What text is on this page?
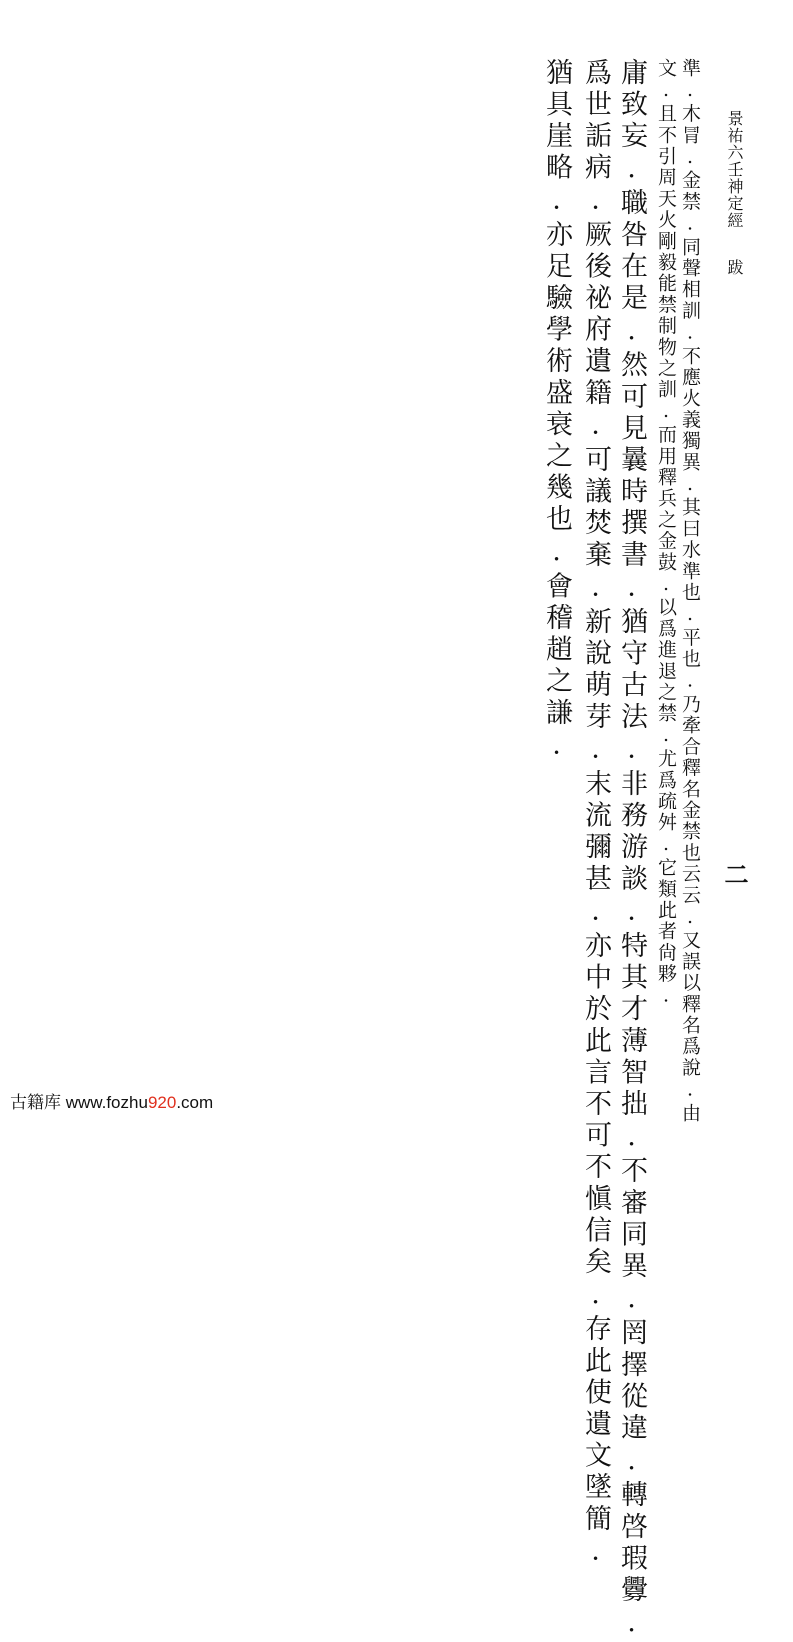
景祐六壬神定經跋
二
準.木冐.金禁.同聲相訓.不應火義獨異.其曰水準也.平也.乃牽合釋名金禁也云云.又誤以釋名爲說.由
文.且不引周天火剛毅能禁制物之訓.而用釋兵之金鼓.以爲進退之禁.尤爲疏舛.它類此者尙夥.
庸致妄.職咎在是.然可見曩時撰書.猶守古法.非務游談.特其才薄智拙.不審同異.罔擇從違.轉啓瑕釁.
爲世詬病.厥後祕府遺籍.可議焚棄.新說萌芽.末流彌甚.亦中於此言不可不愼信矣.存此使遺文墜簡.
猶具崖略.亦足驗學術盛衰之幾也.會稽趙之謙.
古籍库 www.fozhu920.com
